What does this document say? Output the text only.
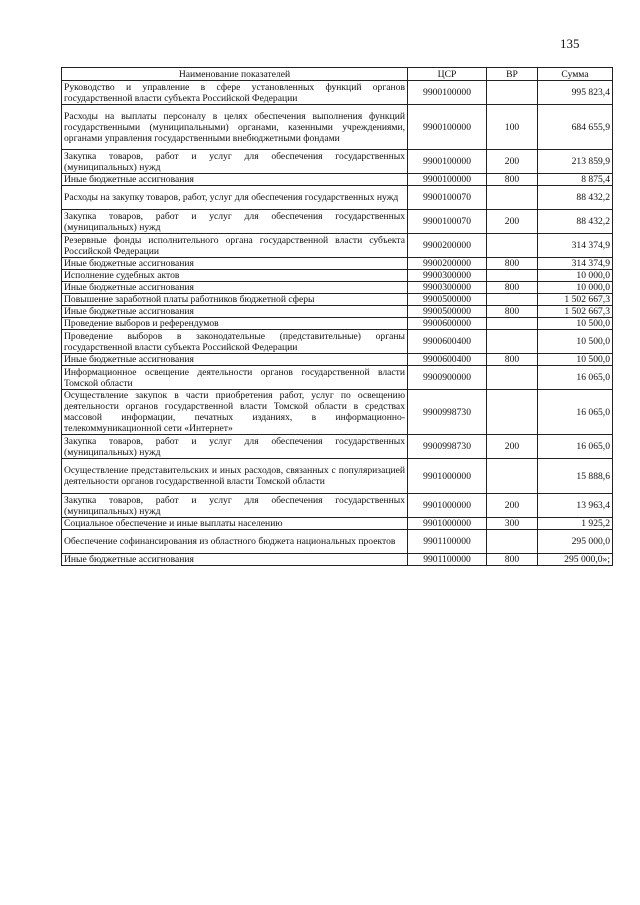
135
Наименование показателей	ЦСР	ВР	Сумма
Руководство и управление в сфере установленных функций органов государственной власти субъекта Российской Федерации	9900100000		995 823,4
Расходы на выплаты персоналу в целях обеспечения выполнения функций государственными (муниципальными) органами, казенными учреждениями, органами управления государственными внебюджетными фондами	9900100000	100	684 655,9
Закупка товаров, работ и услуг для обеспечения государственных (муниципальных) нужд	9900100000	200	213 859,9
Иные бюджетные ассигнования	9900100000	800	8 875,4
Расходы на закупку товаров, работ, услуг для обеспечения государственных нужд	9900100070		88 432,2
Закупка товаров, работ и услуг для обеспечения государственных (муниципальных) нужд	9900100070	200	88 432,2
Резервные фонды исполнительного органа государственной власти субъекта Российской Федерации	9900200000		314 374,9
Иные бюджетные ассигнования	9900200000	800	314 374,9
Исполнение судебных актов	9900300000		10 000,0
Иные бюджетные ассигнования	9900300000	800	10 000,0
Повышение заработной платы работников бюджетной сферы	9900500000		1 502 667,3
Иные бюджетные ассигнования	9900500000	800	1 502 667,3
Проведение выборов и референдумов	9900600000		10 500,0
Проведение выборов в законодательные (представительные) органы государственной власти субъекта Российской Федерации	9900600400		10 500,0
Иные бюджетные ассигнования	9900600400	800	10 500,0
Информационное освещение деятельности органов государственной власти Томской области	9900900000		16 065,0
Осуществление закупок в части приобретения работ, услуг по освещению деятельности органов государственной власти Томской области в средствах массовой информации, печатных изданиях, в информационно-телекоммуникационной сети «Интернет»	9900998730		16 065,0
Закупка товаров, работ и услуг для обеспечения государственных (муниципальных) нужд	9900998730	200	16 065,0
Осуществление представительских и иных расходов, связанных с популяризацией деятельности органов государственной власти Томской области	9901000000		15 888,6
Закупка товаров, работ и услуг для обеспечения государственных (муниципальных) нужд	9901000000	200	13 963,4
Социальное обеспечение и иные выплаты населению	9901000000	300	1 925,2
Обеспечение софинансирования из областного бюджета национальных проектов	9901100000		295 000,0
Иные бюджетные ассигнования	9901100000	800	295 000,0»;
